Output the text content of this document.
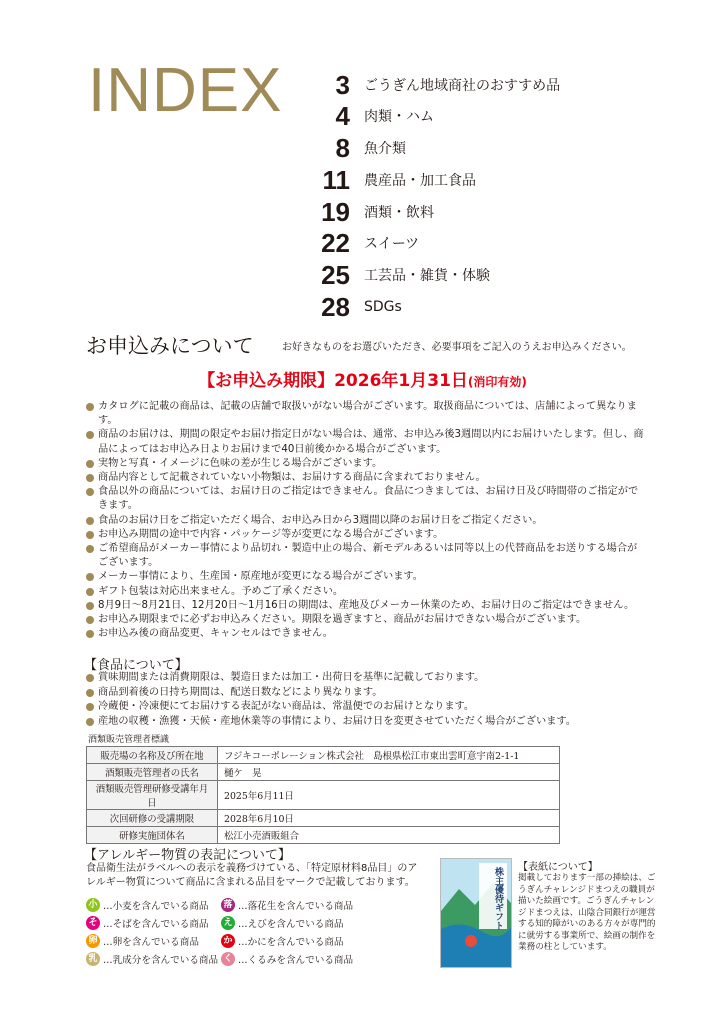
INDEX	3 ごうぎん地域商社のおすすめ品
4 肉類・ハム
8 魚介類
11 農産品・加工食品
19 酒類・飲料
22 スイーツ
25 工芸品・雑貨・体験
28 SDGs
お申込みについて	お好きなものをお選びいただき、必要事項をご記入のうえお申込みください。
【お申込み期限】2026年1月31日(消印有効)
カタログに記載の商品は、記載の店舗で取扱いがない場合がございます。取扱商品については、店舗によって異なります。
商品のお届けは、期間の限定やお届け指定日がない場合は、通常、お申込み後3週間以内にお届けいたします。但し、商品によってはお申込み日よりお届けまで40日前後かかる場合がございます。
実物と写真・イメージに色味の差が生じる場合がございます。
商品内容として記載されていない小物類は、お届けする商品に含まれておりません。
食品以外の商品については、お届け日のご指定はできません。食品につきましては、お届け日及び時間帯のご指定ができます。
食品のお届け日をご指定いただく場合、お申込み日から3週間以降のお届け日をご指定ください。
お申込み期間の途中で内容・パッケージ等が変更になる場合がございます。
ご希望商品がメーカー事情により品切れ・製造中止の場合、新モデルあるいは同等以上の代替商品をお送りする場合がございます。
メーカー事情により、生産国・原産地が変更になる場合がございます。
ギフト包装は対応出来ません。予めご了承ください。
8月9日〜8月21日、12月20日〜1月16日の期間は、産地及びメーカー休業のため、お届け日のご指定はできません。
お申込み期限までに必ずお申込みください。期限を過ぎますと、商品がお届けできない場合がございます。
お申込み後の商品変更、キャンセルはできません。
【食品について】
賞味期間または消費期限は、製造日または加工・出荷日を基準に記載しております。
商品到着後の日持ち期間は、配送日数などにより異なります。
冷蔵便・冷凍便にてお届けする表記がない商品は、常温便でのお届けとなります。
産地の収穫・漁獲・天候・産地休業等の事情により、お届け日を変更させていただく場合がございます。
酒類販売管理者標識
販売場の名称及び所在地	フジキコーポレーション株式会社　島根県松江市東出雲町意宇南2-1-1
酒類販売管理者の氏名	樋ケ　晃
酒類販売管理研修受講年月日	2025年6月11日
次回研修の受講期限	2028年6月10日
研修実施団体名	松江小売酒販組合
【アレルギー物質の表記について】
食品衛生法がラベルへの表示を義務づけている、「特定原材料8品目」のアレルギー物質について商品に含まれる品目をマークで記載しております。
小 …小麦を含んでいる商品
そ …そばを含んでいる商品
卵 …卵を含んでいる商品
乳 …乳成分を含んでいる商品
落 …落花生を含んでいる商品
え …えびを含んでいる商品
か …かにを含んでいる商品
く …くるみを含んでいる商品
株主優待ギフト 【表紙について】
掲載しております一部の挿絵は、ごうぎんチャレンジドまつえの職員が描いた絵画です。ごうぎんチャレンジドまつえは、山陰合同銀行が運営する知的障がいのある方々が専門的に就労する事業所で、絵画の制作を業務の柱としています。
